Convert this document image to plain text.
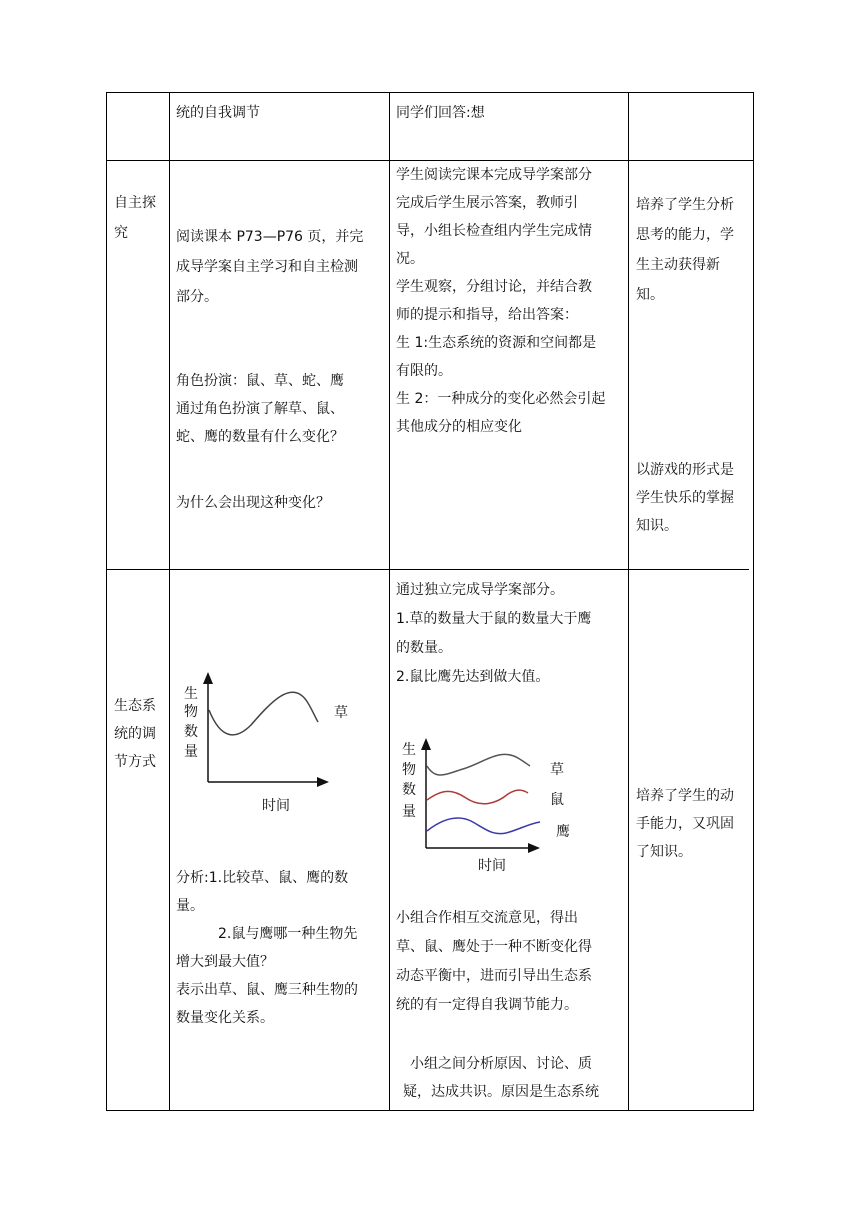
统的自我调节	同学们回答:想

自主探

究	阅读课本 P73—P76 页，并完

成导学案自主学习和自主检测

部分。

角色扮演：鼠、草、蛇、鹰

通过角色扮演了解草、鼠、

蛇、鹰的数量有什么变化？

为什么会出现这种变化？

学生阅读完课本完成导学案部分

完成后学生展示答案，教师引

导，小组长检查组内学生完成情

况。

学生观察，分组讨论，并结合教

师的提示和指导，给出答案：

生 1:生态系统的资源和空间都是

有限的。

生 2：一种成分的变化必然会引起

其他成分的相应变化

培养了学生分析

思考的能力，学

生主动获得新

知。

以游戏的形式是

学生快乐的掌握

知识。

生态系

统的调

节方式

生
物
数
量
草
时间

分析:1.比较草、鼠、鹰的数

量。

2.鼠与鹰哪一种生物先

增大到最大值？

表示出草、鼠、鹰三种生物的

数量变化关系。

通过独立完成导学案部分。

1.草的数量大于鼠的数量大于鹰

的数量。

2.鼠比鹰先达到做大值。

生
物
数
量
草
鼠
鹰
时间

小组合作相互交流意见，得出

草、鼠、鹰处于一种不断变化得

动态平衡中，进而引导出生态系

统的有一定得自我调节能力。

小组之间分析原因、讨论、质

疑，达成共识。原因是生态系统

培养了学生的动

手能力，又巩固

了知识。
